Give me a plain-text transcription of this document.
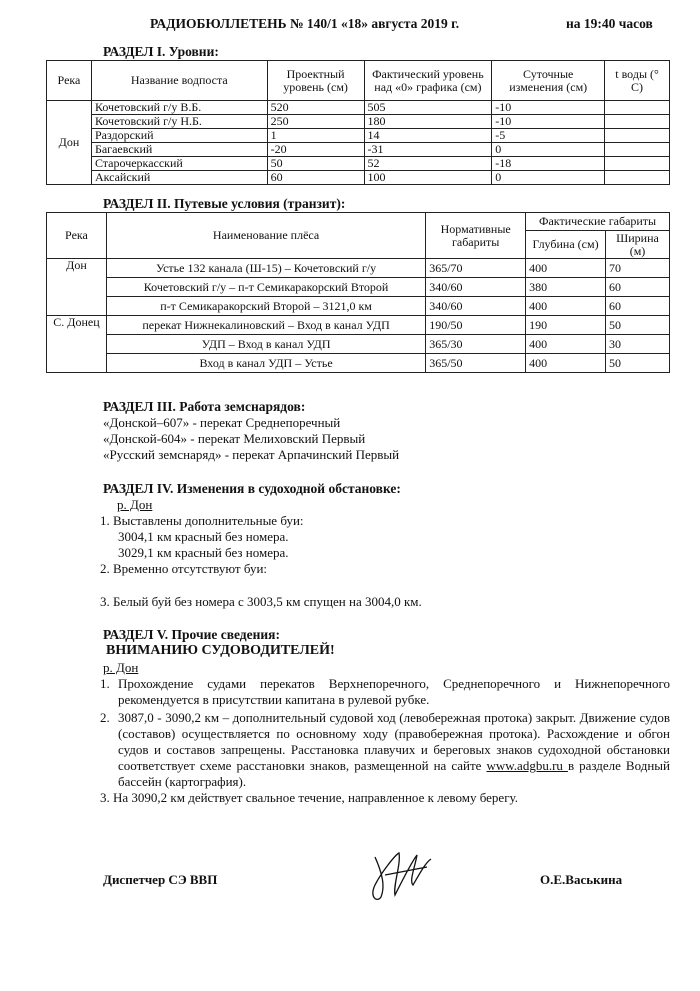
РАДИОБЮЛЛЕТЕНЬ № 140/1 «18» августа 2019 г.	на 19:40 часов
РАЗДЕЛ I. Уровни:
Река	Название водпоста	Проектный уровень (см)	Фактический уровень над «0» графика (см)	Суточные изменения (см)	t воды (° С)
Дон	Кочетовский г/у В.Б.	520	505	-10	
	Кочетовский г/у Н.Б.	250	180	-10	
	Раздорский	1	14	-5	
	Багаевский	-20	-31	0	
	Старочеркасский	50	52	-18	
	Аксайский	60	100	0	
РАЗДЕЛ II. Путевые условия (транзит):
Река	Наименование плёса	Нормативные габариты	Фактические габариты	
			Глубина (см)	Ширина (м)
Дон	Устье 132 канала (Ш-15) – Кочетовский г/у	365/70	400	70
	Кочетовский г/у – п-т Семикаракорский Второй	340/60	380	60
	п-т Семикаракорский Второй – 3121,0 км	340/60	400	60
С. Донец	перекат Нижнекалиновский – Вход в канал УДП	190/50	190	50
	УДП – Вход в канал УДП	365/30	400	30
	Вход в канал УДП – Устье	365/50	400	50
РАЗДЕЛ III. Работа земснарядов:
«Донской–607» - перекат Среднепоречный
«Донской-604» - перекат Мелиховский Первый
«Русский земснаряд» - перекат Арпачинский Первый
РАЗДЕЛ IV. Изменения в судоходной обстановке:
р. Дон
1. Выставлены дополнительные буи:
3004,1 км красный без номера.
3029,1 км красный без номера.
2. Временно отсутствуют буи:
3. Белый буй без номера с 3003,5 км спущен на 3004,0 км.
РАЗДЕЛ V. Прочие сведения:
ВНИМАНИЮ СУДОВОДИТЕЛЕЙ!
р. Дон
1. Прохождение судами перекатов Верхнепоречного, Среднепоречного и Нижнепоречного рекомендуется в присутствии капитана в рулевой рубке.
2. 3087,0 - 3090,2 км – дополнительный судовой ход (левобережная протока) закрыт. Движение судов (составов) осуществляется по основному ходу (правобережная протока). Расхождение и обгон судов и составов запрещены. Расстановка плавучих и береговых знаков судоходной обстановки соответствует схеме расстановки знаков, размещенной на сайте www.adgbu.ru в разделе Водный бассейн (картография).
3. На 3090,2 км действует свальное течение, направленное к левому берегу.
Диспетчер СЭ ВВП	О.Е.Васькина
